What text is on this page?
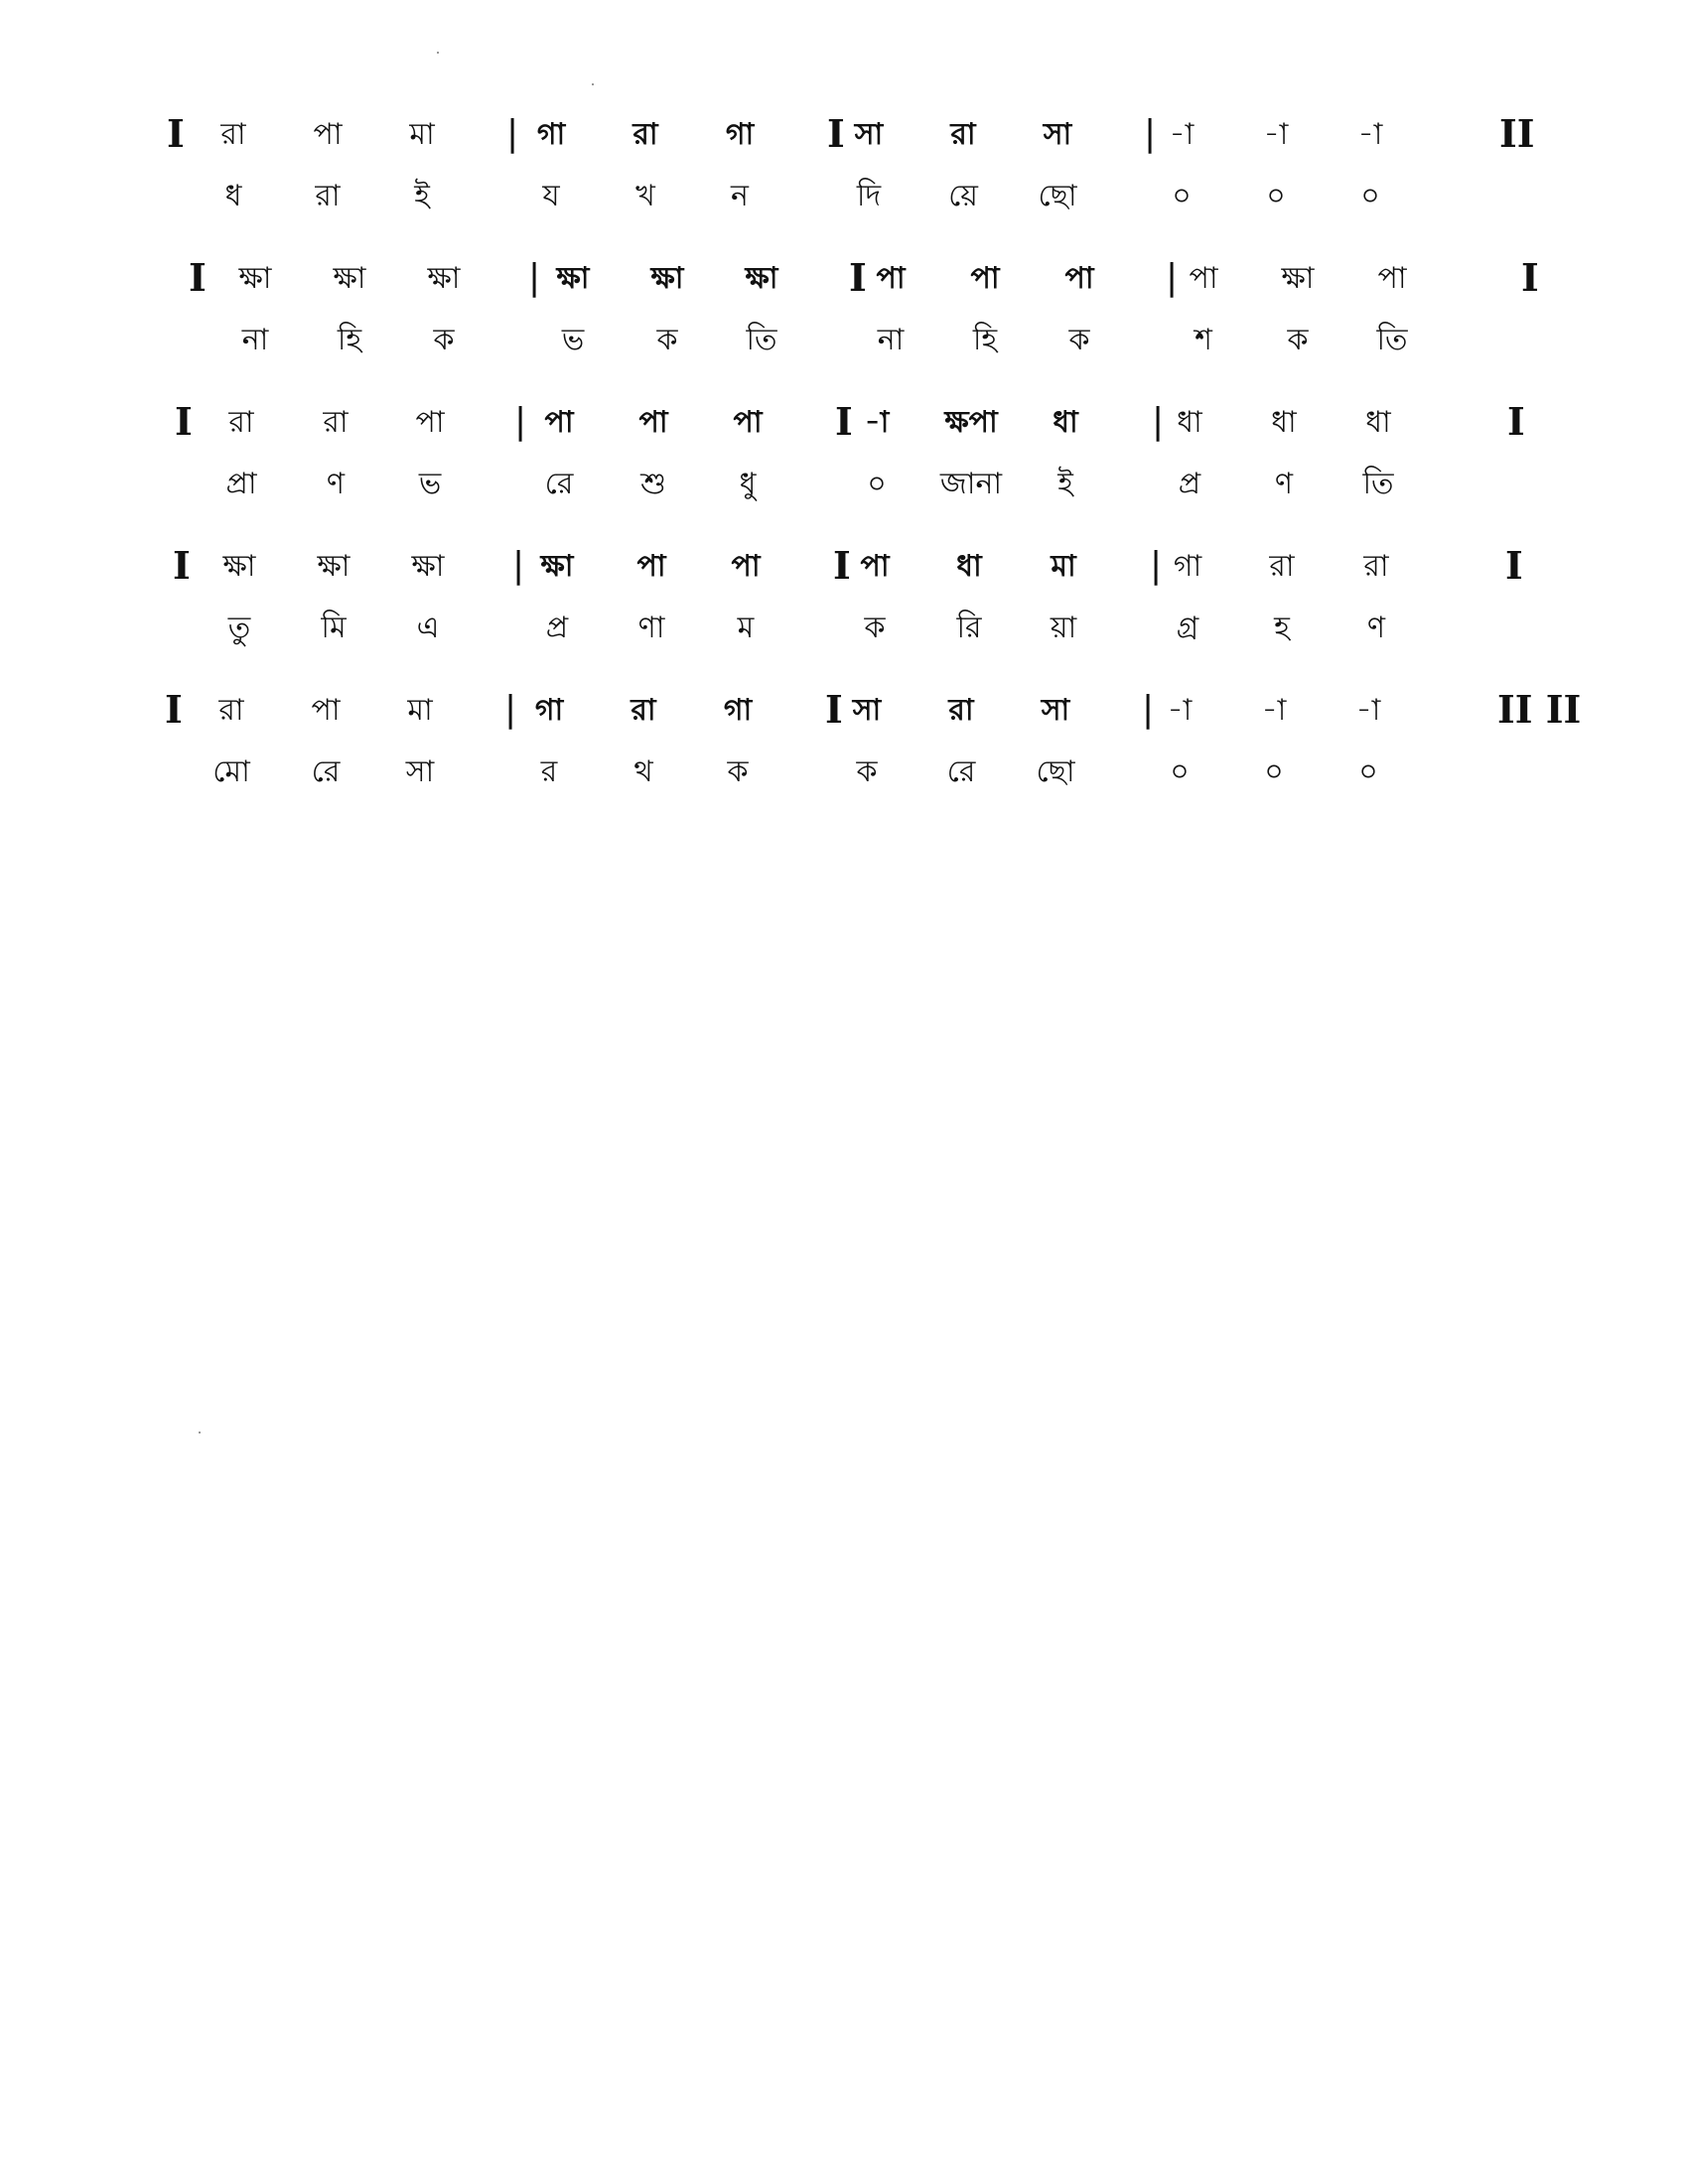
I	রা	পা	মা	| গা	রা	গা	I সা	রা	সা	| -া	-া	-া	II
ধ	রা	ই	য	খ	ন	দি	য়ে	ছো	০	০	০
I	ক্ষা	ক্ষা	ক্ষা	| ক্ষা	ক্ষা	ক্ষা	I পা	পা	পা	| পা	ক্ষা	পা	I
না	হি	ক	ভ	ক	তি	না	হি	ক	শ	ক	তি
I	রা	রা	পা	| পা	পা	পা	I -া	ক্ষপা	ধা	| ধা	ধা	ধা	I
প্রা	ণ	ভ	রে	শু	ধু	০	জানা	ই	প্র	ণ	তি
I	ক্ষা	ক্ষা	ক্ষা	| ক্ষা	পা	পা	I পা	ধা	মা	| গা	রা	রা	I
তু	মি	এ	প্র	ণা	ম	ক	রি	য়া	গ্র	হ	ণ
I	রা	পা	মা	| গা	রা	গা	I সা	রা	সা	| -া	-া	-া	II II
মো	রে	সা	র	থ	ক	ক	রে	ছো	০	০	০
